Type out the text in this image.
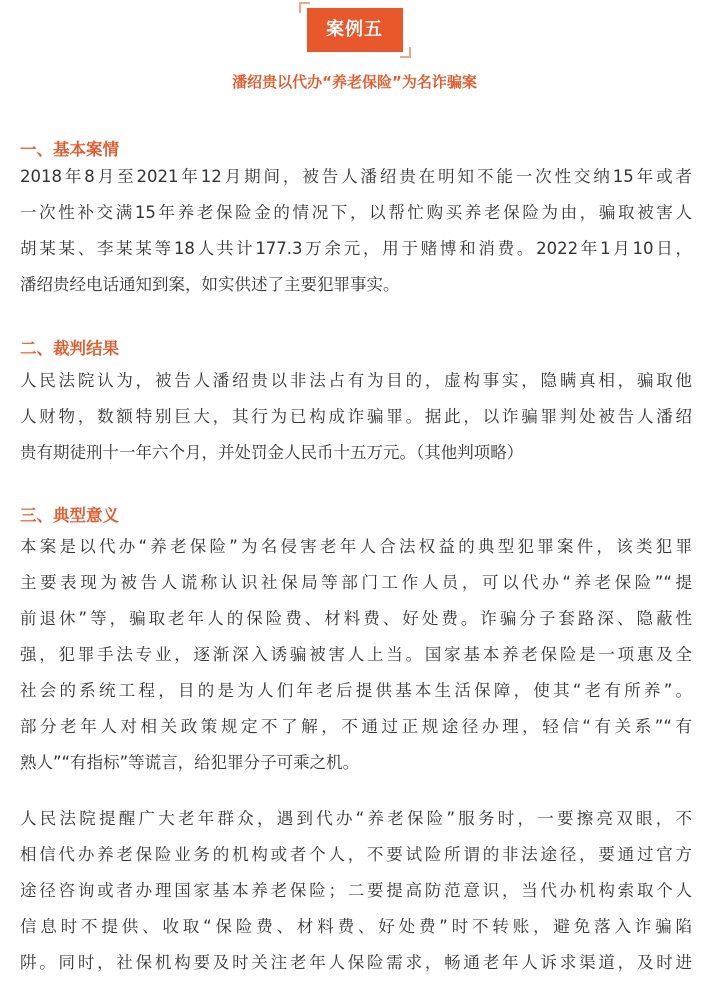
案例五
潘绍贵以代办“养老保险”为名诈骗案
一、基本案情
2018年8月至2021年12月期间，被告人潘绍贵在明知不能一次性交纳15年或者
一次性补交满15年养老保险金的情况下，以帮忙购买养老保险为由，骗取被害人
胡某某、李某某等18人共计177.3万余元，用于赌博和消费。2022年1月10日，
潘绍贵经电话通知到案，如实供述了主要犯罪事实。
二、裁判结果
人民法院认为，被告人潘绍贵以非法占有为目的，虚构事实，隐瞒真相，骗取他
人财物，数额特别巨大，其行为已构成诈骗罪。据此，以诈骗罪判处被告人潘绍
贵有期徒刑十一年六个月，并处罚金人民币十五万元。（其他判项略）
三、典型意义
本案是以代办“养老保险”为名侵害老年人合法权益的典型犯罪案件，该类犯罪
主要表现为被告人谎称认识社保局等部门工作人员，可以代办“养老保险”“提
前退休”等，骗取老年人的保险费、材料费、好处费。诈骗分子套路深、隐蔽性
强，犯罪手法专业，逐渐深入诱骗被害人上当。国家基本养老保险是一项惠及全
社会的系统工程，目的是为人们年老后提供基本生活保障，使其“老有所养”。
部分老年人对相关政策规定不了解，不通过正规途径办理，轻信“有关系”“有
熟人”“有指标”等谎言，给犯罪分子可乘之机。
人民法院提醒广大老年群众，遇到代办“养老保险”服务时，一要擦亮双眼，不
相信代办养老保险业务的机构或者个人，不要试险所谓的非法途径，要通过官方
途径咨询或者办理国家基本养老保险；二要提高防范意识，当代办机构索取个人
信息时不提供、收取“保险费、材料费、好处费”时不转账，避免落入诈骗陷
阱。同时，社保机构要及时关注老年人保险需求，畅通老年人诉求渠道，及时进
